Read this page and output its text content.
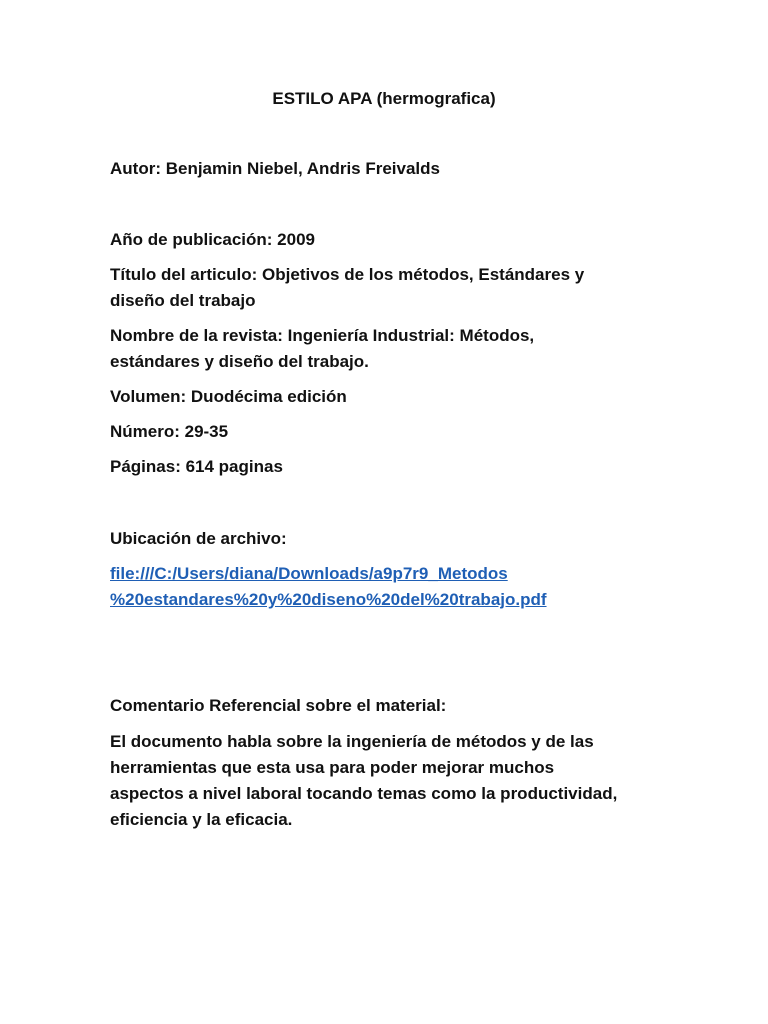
ESTILO APA (hermografica)
Autor: Benjamin Niebel, Andris Freivalds
Año de publicación: 2009
Título del articulo: Objetivos de los métodos, Estándares y
diseño del trabajo
Nombre de la revista: Ingeniería Industrial: Métodos,
estándares y diseño del trabajo.
Volumen: Duodécima edición
Número: 29-35
Páginas: 614 paginas
Ubicación de archivo:
file:///C:/Users/diana/Downloads/a9p7r9_Metodos
%20estandares%20y%20diseno%20del%20trabajo.pdf
Comentario Referencial sobre el material:
El documento habla sobre la ingeniería de métodos y de las
herramientas que esta usa para poder mejorar muchos
aspectos a nivel laboral tocando temas como la productividad,
eficiencia y la eficacia.
